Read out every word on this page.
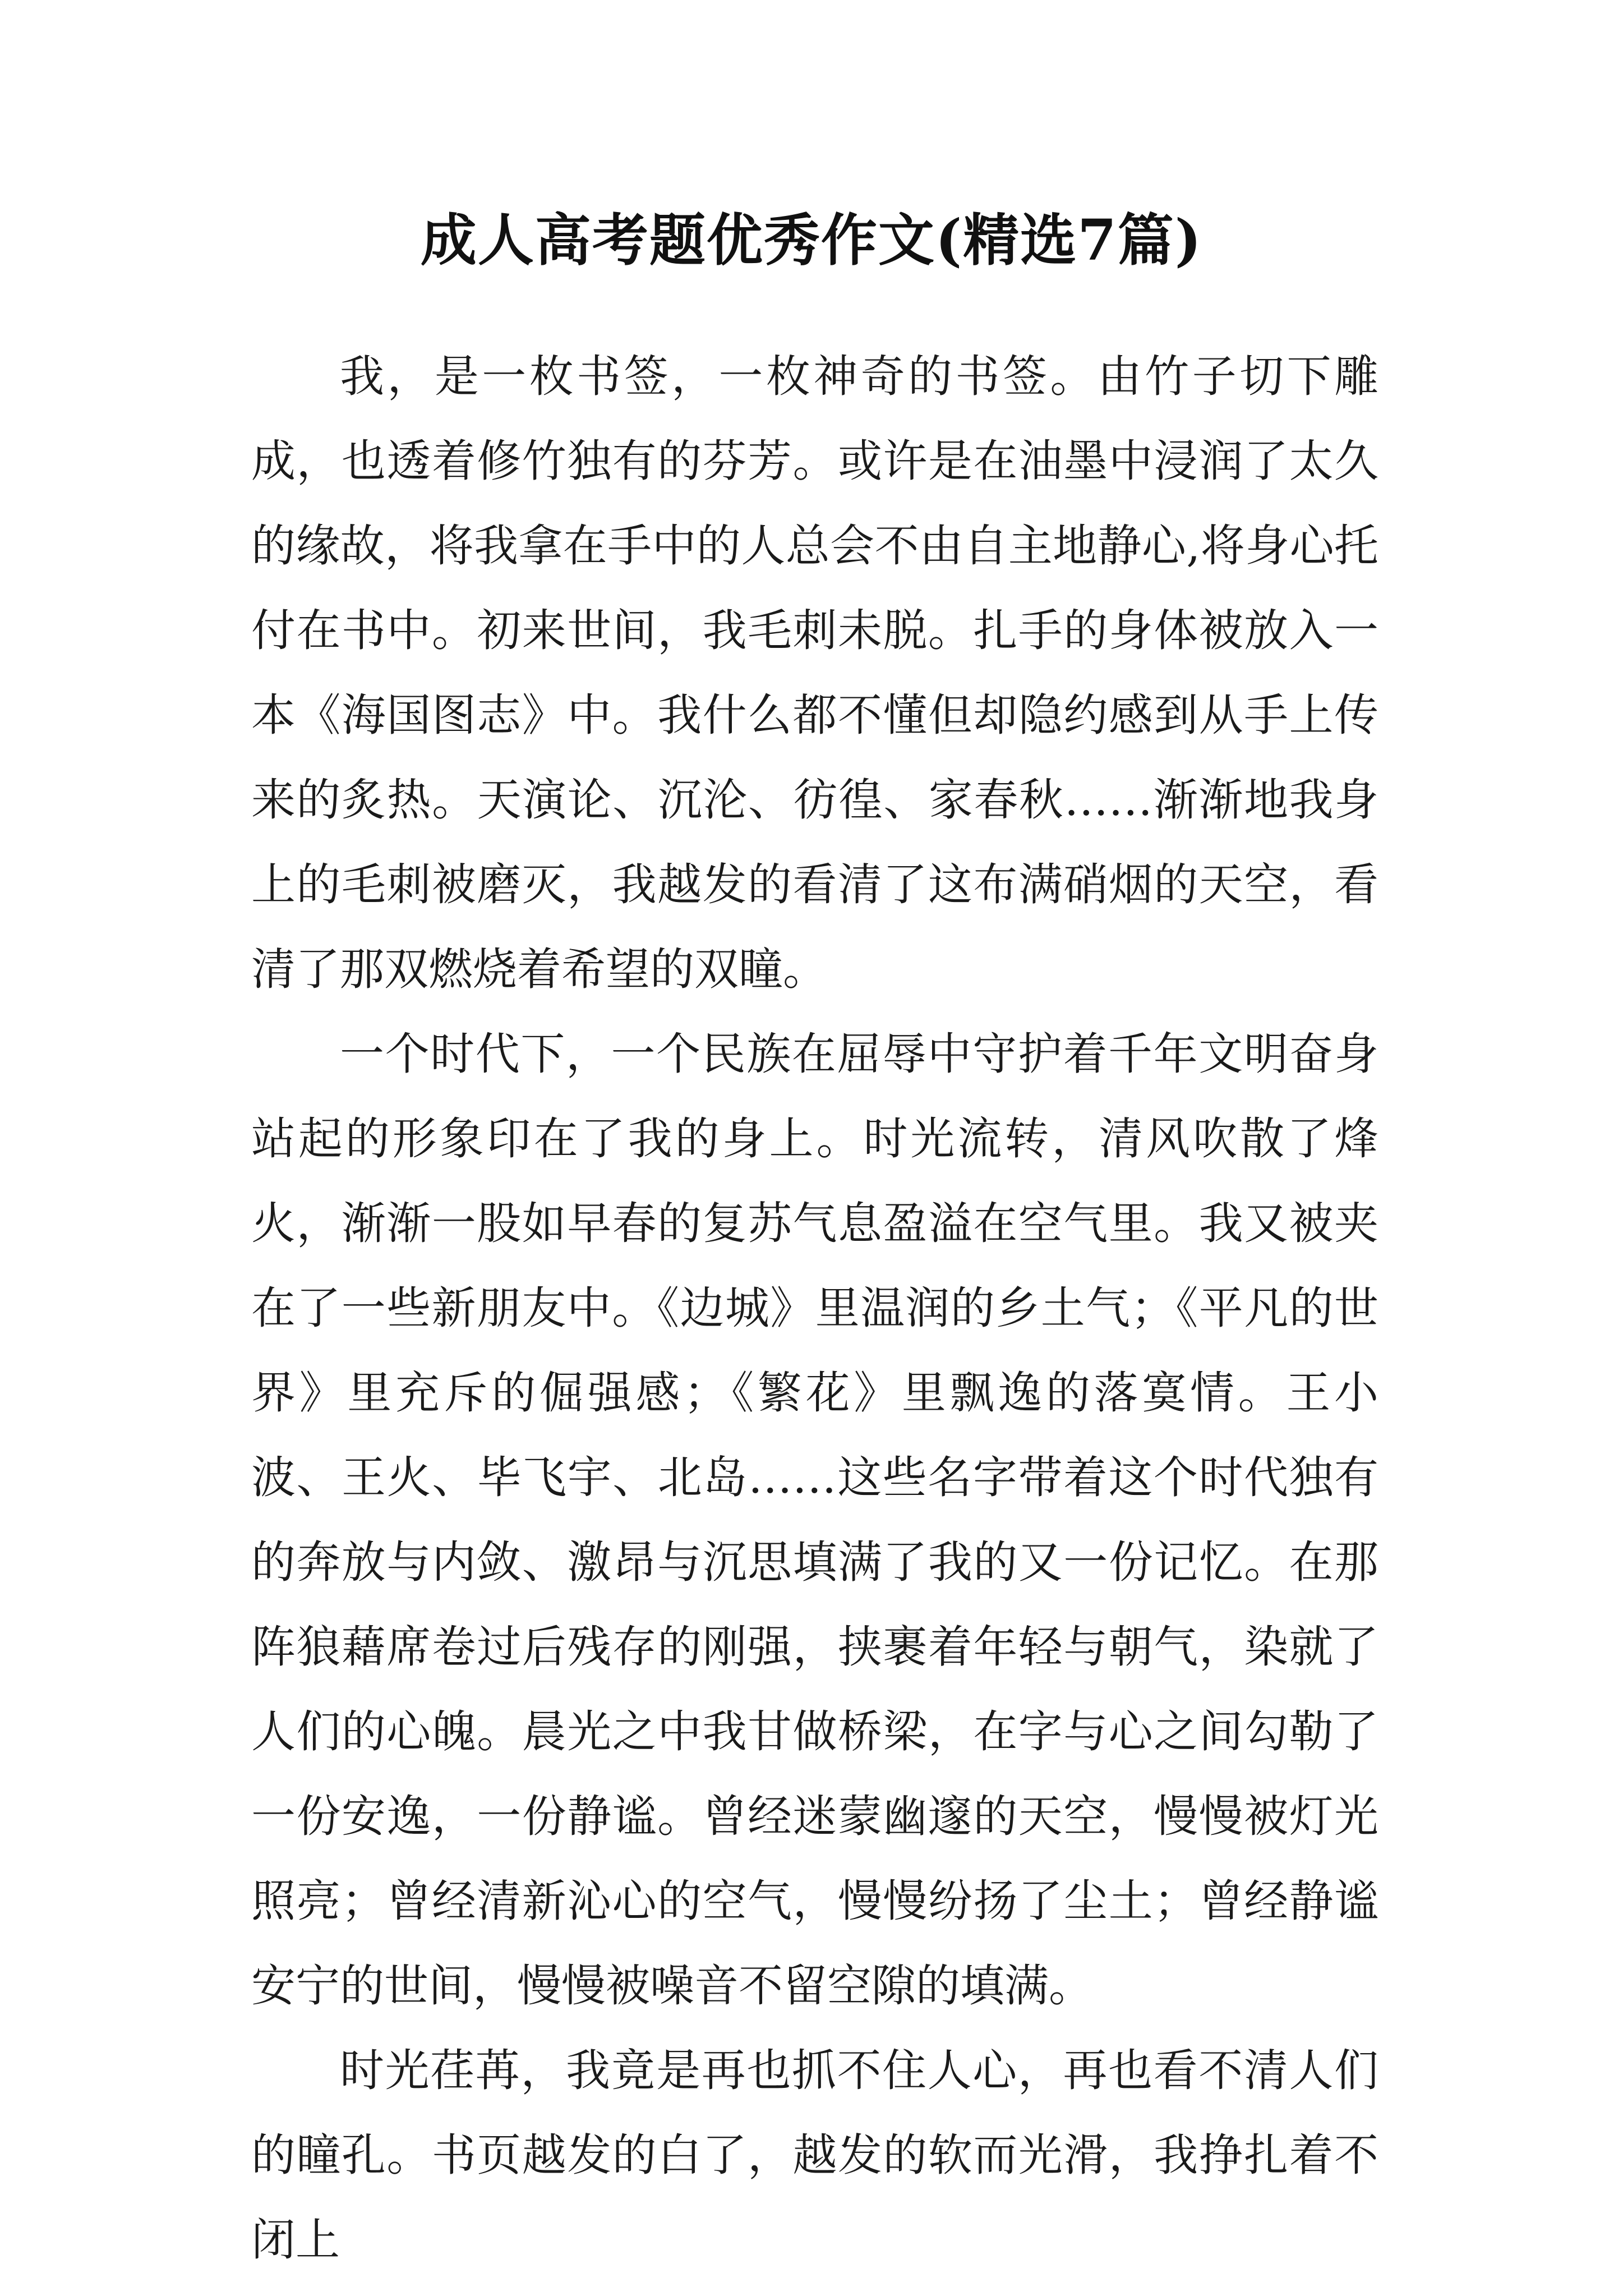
成人高考题优秀作文(精选7篇)

我，是一枚书签，一枚神奇的书签。由竹子切下雕成，也透着修竹独有的芬芳。或许是在油墨中浸润了太久的缘故，将我拿在手中的人总会不由自主地静心,将身心托付在书中。初来世间，我毛刺未脱。扎手的身体被放入一本《海国图志》中。我什么都不懂但却隐约感到从手上传来的炙热。天演论、沉沦、彷徨、家春秋……渐渐地我身上的毛刺被磨灭，我越发的看清了这布满硝烟的天空，看清了那双燃烧着希望的双瞳。

一个时代下，一个民族在屈辱中守护着千年文明奋身站起的形象印在了我的身上。时光流转，清风吹散了烽火，渐渐一股如早春的复苏气息盈溢在空气里。我又被夹在了一些新朋友中。《边城》里温润的乡土气；《平凡的世界》里充斥的倔强感；《繁花》里飘逸的落寞情。王小波、王火、毕飞宇、北岛……这些名字带着这个时代独有的奔放与内敛、激昂与沉思填满了我的又一份记忆。在那阵狼藉席卷过后残存的刚强，挟裹着年轻与朝气，染就了人们的心魄。晨光之中我甘做桥梁，在字与心之间勾勒了一份安逸，一份静谧。曾经迷蒙幽邃的天空，慢慢被灯光照亮；曾经清新沁心的空气，慢慢纷扬了尘土；曾经静谧安宁的世间，慢慢被噪音不留空隙的填满。

时光荏苒，我竟是再也抓不住人心，再也看不清人们的瞳孔。书页越发的白了，越发的软而光滑，我挣扎着不闭上
